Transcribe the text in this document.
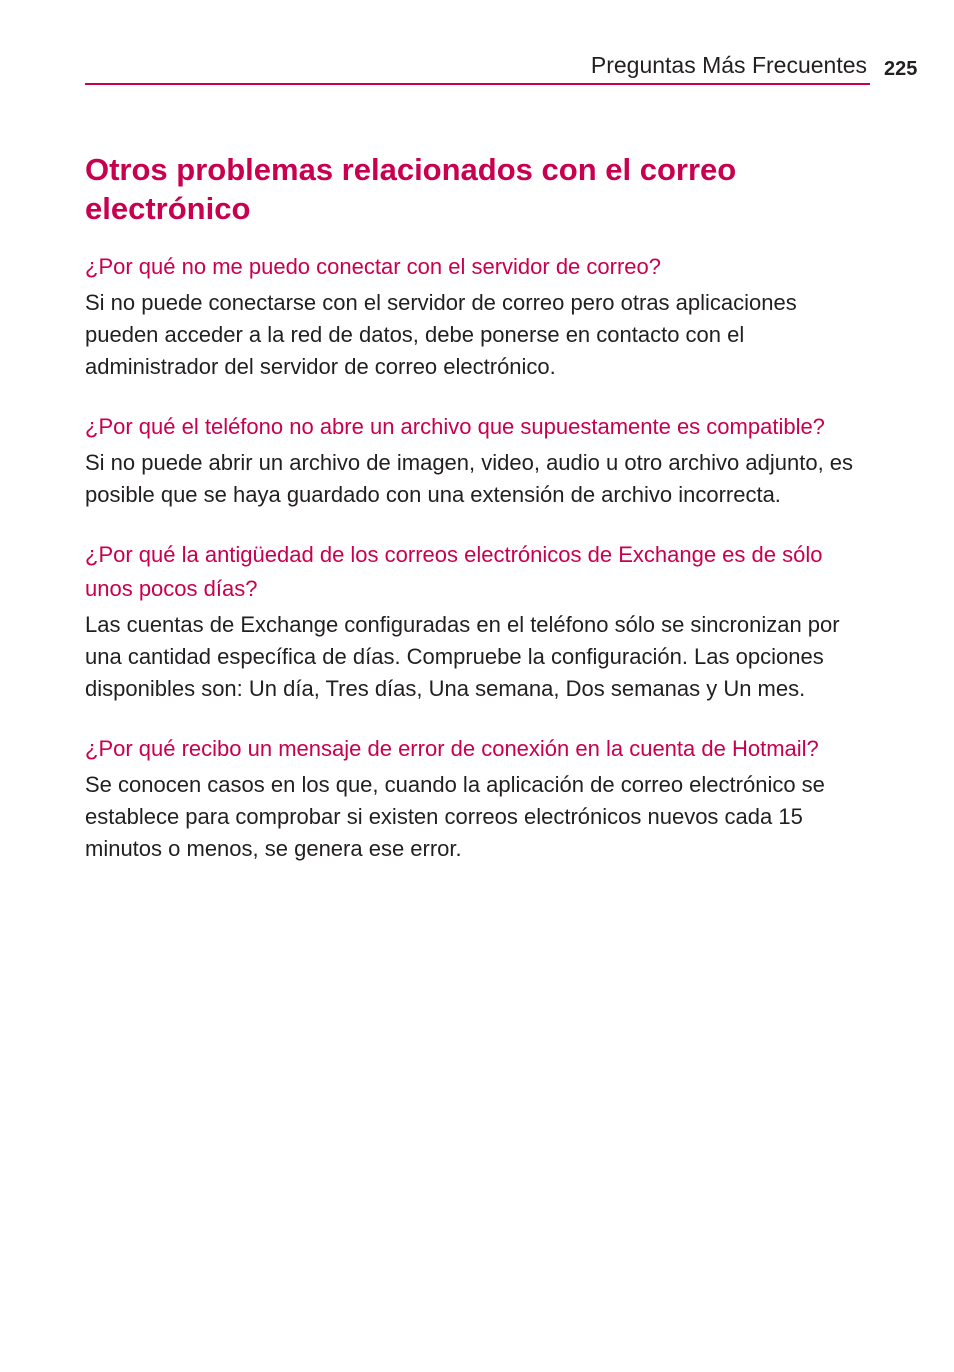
Preguntas Más Frecuentes 225
Otros problemas relacionados con el correo electrónico
¿Por qué no me puedo conectar con el servidor de correo?

Si no puede conectarse con el servidor de correo pero otras aplicaciones pueden acceder a la red de datos, debe ponerse en contacto con el administrador del servidor de correo electrónico.

¿Por qué el teléfono no abre un archivo que supuestamente es compatible?

Si no puede abrir un archivo de imagen, video, audio u otro archivo adjunto, es posible que se haya guardado con una extensión de archivo incorrecta.

¿Por qué la antigüedad de los correos electrónicos de Exchange es de sólo unos pocos días?

Las cuentas de Exchange configuradas en el teléfono sólo se sincronizan por una cantidad específica de días. Compruebe la configuración. Las opciones disponibles son: Un día, Tres días, Una semana, Dos semanas y Un mes.

¿Por qué recibo un mensaje de error de conexión en la cuenta de Hotmail?

Se conocen casos en los que, cuando la aplicación de correo electrónico se establece para comprobar si existen correos electrónicos nuevos cada 15 minutos o menos, se genera ese error.
